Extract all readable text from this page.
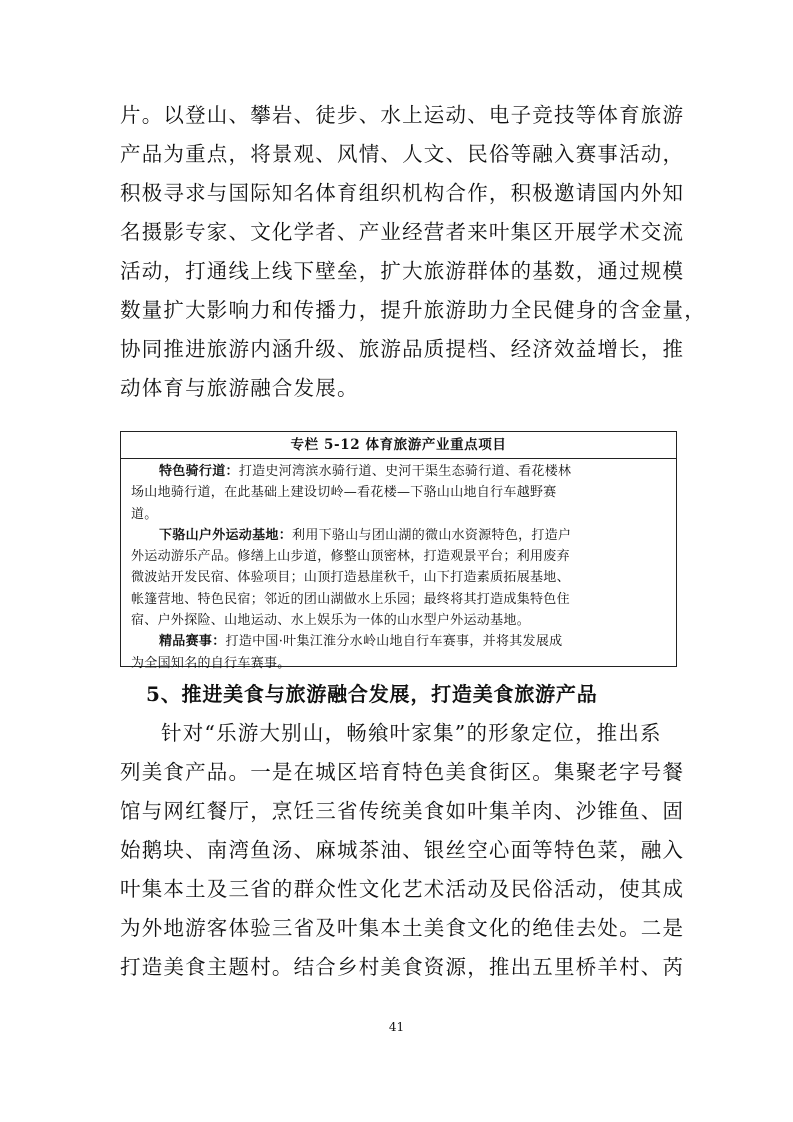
片。以登山、攀岩、徒步、水上运动、电子竞技等体育旅游
产品为重点，将景观、风情、人文、民俗等融入赛事活动，
积极寻求与国际知名体育组织机构合作，积极邀请国内外知
名摄影专家、文化学者、产业经营者来叶集区开展学术交流
活动，打通线上线下壁垒，扩大旅游群体的基数，通过规模
数量扩大影响力和传播力，提升旅游助力全民健身的含金量，
协同推进旅游内涵升级、旅游品质提档、经济效益增长，推
动体育与旅游融合发展。
专栏 5-12 体育旅游产业重点项目
特色骑行道：打造史河湾滨水骑行道、史河干渠生态骑行道、看花楼林
场山地骑行道，在此基础上建设切岭—看花楼—下骆山山地自行车越野赛
道。
下骆山户外运动基地：利用下骆山与团山湖的微山水资源特色，打造户
外运动游乐产品。修缮上山步道，修整山顶密林，打造观景平台；利用废弃
微波站开发民宿、体验项目；山顶打造悬崖秋千，山下打造素质拓展基地、
帐篷营地、特色民宿；邻近的团山湖做水上乐园；最终将其打造成集特色住
宿、户外探险、山地运动、水上娱乐为一体的山水型户外运动基地。
精品赛事：打造中国·叶集江淮分水岭山地自行车赛事，并将其发展成
为全国知名的自行车赛事。
5、推进美食与旅游融合发展，打造美食旅游产品
针对“乐游大别山，畅飨叶家集”的形象定位，推出系
列美食产品。一是在城区培育特色美食街区。集聚老字号餐
馆与网红餐厅，烹饪三省传统美食如叶集羊肉、沙锥鱼、固
始鹅块、南湾鱼汤、麻城茶油、银丝空心面等特色菜，融入
叶集本土及三省的群众性文化艺术活动及民俗活动，使其成
为外地游客体验三省及叶集本土美食文化的绝佳去处。二是
打造美食主题村。结合乡村美食资源，推出五里桥羊村、芮
41
